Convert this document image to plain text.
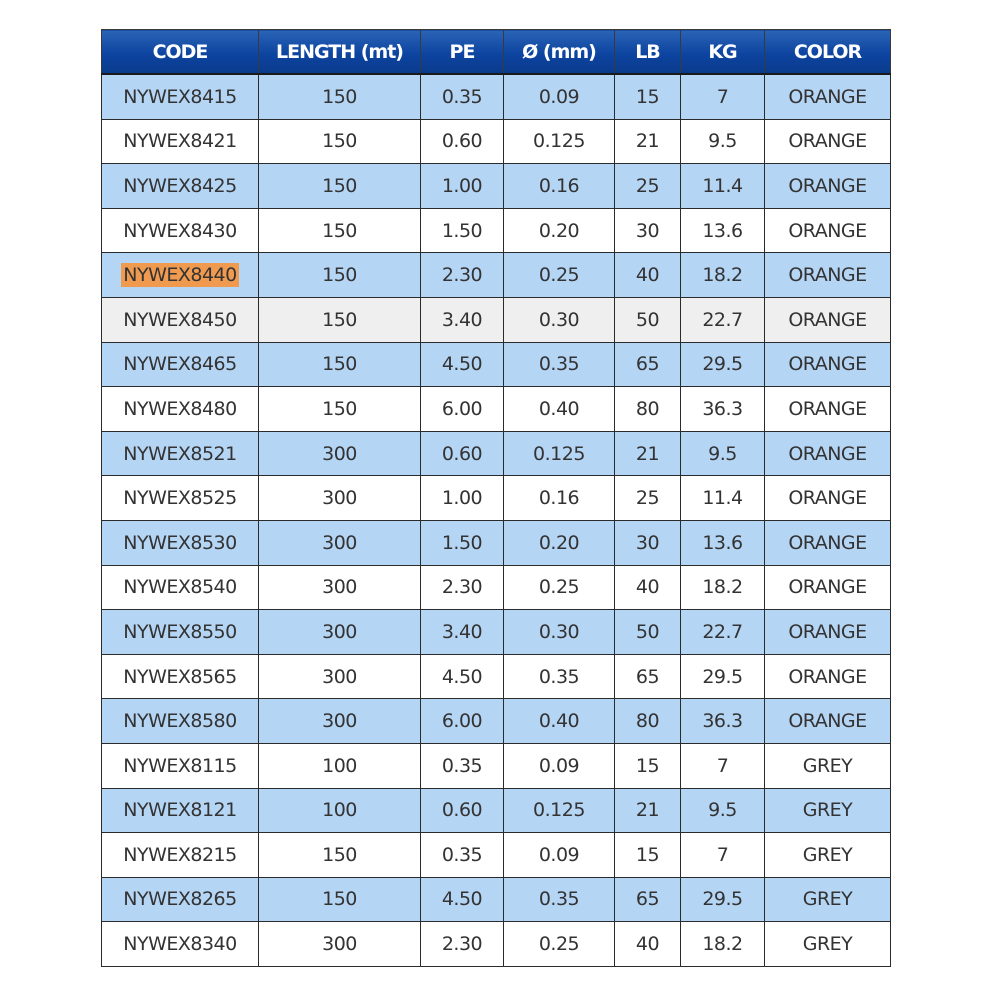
CODE	LENGTH (mt)	PE	Ø (mm)	LB	KG	COLOR
NYWEX8415	150	0.35	0.09	15	7	ORANGE
NYWEX8421	150	0.60	0.125	21	9.5	ORANGE
NYWEX8425	150	1.00	0.16	25	11.4	ORANGE
NYWEX8430	150	1.50	0.20	30	13.6	ORANGE
NYWEX8440	150	2.30	0.25	40	18.2	ORANGE
NYWEX8450	150	3.40	0.30	50	22.7	ORANGE
NYWEX8465	150	4.50	0.35	65	29.5	ORANGE
NYWEX8480	150	6.00	0.40	80	36.3	ORANGE
NYWEX8521	300	0.60	0.125	21	9.5	ORANGE
NYWEX8525	300	1.00	0.16	25	11.4	ORANGE
NYWEX8530	300	1.50	0.20	30	13.6	ORANGE
NYWEX8540	300	2.30	0.25	40	18.2	ORANGE
NYWEX8550	300	3.40	0.30	50	22.7	ORANGE
NYWEX8565	300	4.50	0.35	65	29.5	ORANGE
NYWEX8580	300	6.00	0.40	80	36.3	ORANGE
NYWEX8115	100	0.35	0.09	15	7	GREY
NYWEX8121	100	0.60	0.125	21	9.5	GREY
NYWEX8215	150	0.35	0.09	15	7	GREY
NYWEX8265	150	4.50	0.35	65	29.5	GREY
NYWEX8340	300	2.30	0.25	40	18.2	GREY
